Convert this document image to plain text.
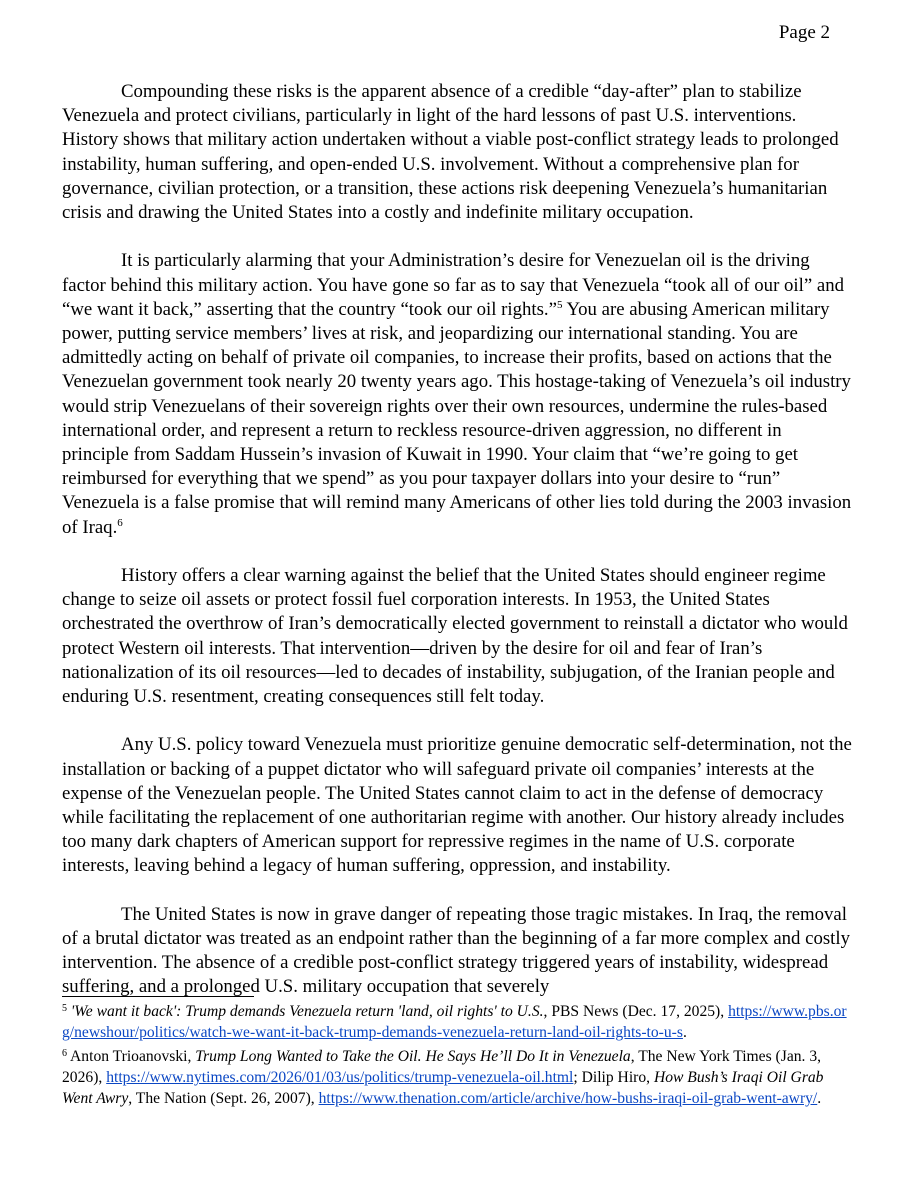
Page 2

Compounding these risks is the apparent absence of a credible “day-after” plan to stabilize Venezuela and protect civilians, particularly in light of the hard lessons of past U.S. interventions. History shows that military action undertaken without a viable post-conflict strategy leads to prolonged instability, human suffering, and open-ended U.S. involvement. Without a comprehensive plan for governance, civilian protection, or a transition, these actions risk deepening Venezuela’s humanitarian crisis and drawing the United States into a costly and indefinite military occupation.

It is particularly alarming that your Administration’s desire for Venezuelan oil is the driving factor behind this military action. You have gone so far as to say that Venezuela “took all of our oil” and “we want it back,” asserting that the country “took our oil rights.”$^5$ You are abusing American military power, putting service members’ lives at risk, and jeopardizing our international standing. You are admittedly acting on behalf of private oil companies, to increase their profits, based on actions that the Venezuelan government took nearly 20 twenty years ago. This hostage-taking of Venezuela’s oil industry would strip Venezuelans of their sovereign rights over their own resources, undermine the rules-based international order, and represent a return to reckless resource-driven aggression, no different in principle from Saddam Hussein’s invasion of Kuwait in 1990. Your claim that “we’re going to get reimbursed for everything that we spend” as you pour taxpayer dollars into your desire to “run” Venezuela is a false promise that will remind many Americans of other lies told during the 2003 invasion of Iraq.$^6$

History offers a clear warning against the belief that the United States should engineer regime change to seize oil assets or protect fossil fuel corporation interests. In 1953, the United States orchestrated the overthrow of Iran’s democratically elected government to reinstall a dictator who would protect Western oil interests. That intervention—driven by the desire for oil and fear of Iran’s nationalization of its oil resources—led to decades of instability, subjugation, of the Iranian people and enduring U.S. resentment, creating consequences still felt today.

Any U.S. policy toward Venezuela must prioritize genuine democratic self-determination, not the installation or backing of a puppet dictator who will safeguard private oil companies’ interests at the expense of the Venezuelan people. The United States cannot claim to act in the defense of democracy while facilitating the replacement of one authoritarian regime with another. Our history already includes too many dark chapters of American support for repressive regimes in the name of U.S. corporate interests, leaving behind a legacy of human suffering, oppression, and instability.

The United States is now in grave danger of repeating those tragic mistakes. In Iraq, the removal of a brutal dictator was treated as an endpoint rather than the beginning of a far more complex and costly intervention. The absence of a credible post-conflict strategy triggered years of instability, widespread suffering, and a prolonged U.S. military occupation that severely

$^5$ 'We want it back': Trump demands Venezuela return 'land, oil rights' to U.S., PBS News (Dec. 17, 2025), https://www.pbs.org/newshour/politics/watch-we-want-it-back-trump-demands-venezuela-return-land-oil-rights-to-u-s.

$^6$ Anton Trioanovski, Trump Long Wanted to Take the Oil. He Says He’ll Do It in Venezuela, The New York Times (Jan. 3, 2026), https://www.nytimes.com/2026/01/03/us/politics/trump-venezuela-oil.html; Dilip Hiro, How Bush’s Iraqi Oil Grab Went Awry, The Nation (Sept. 26, 2007), https://www.thenation.com/article/archive/how-bushs-iraqi-oil-grab-went-awry/.
